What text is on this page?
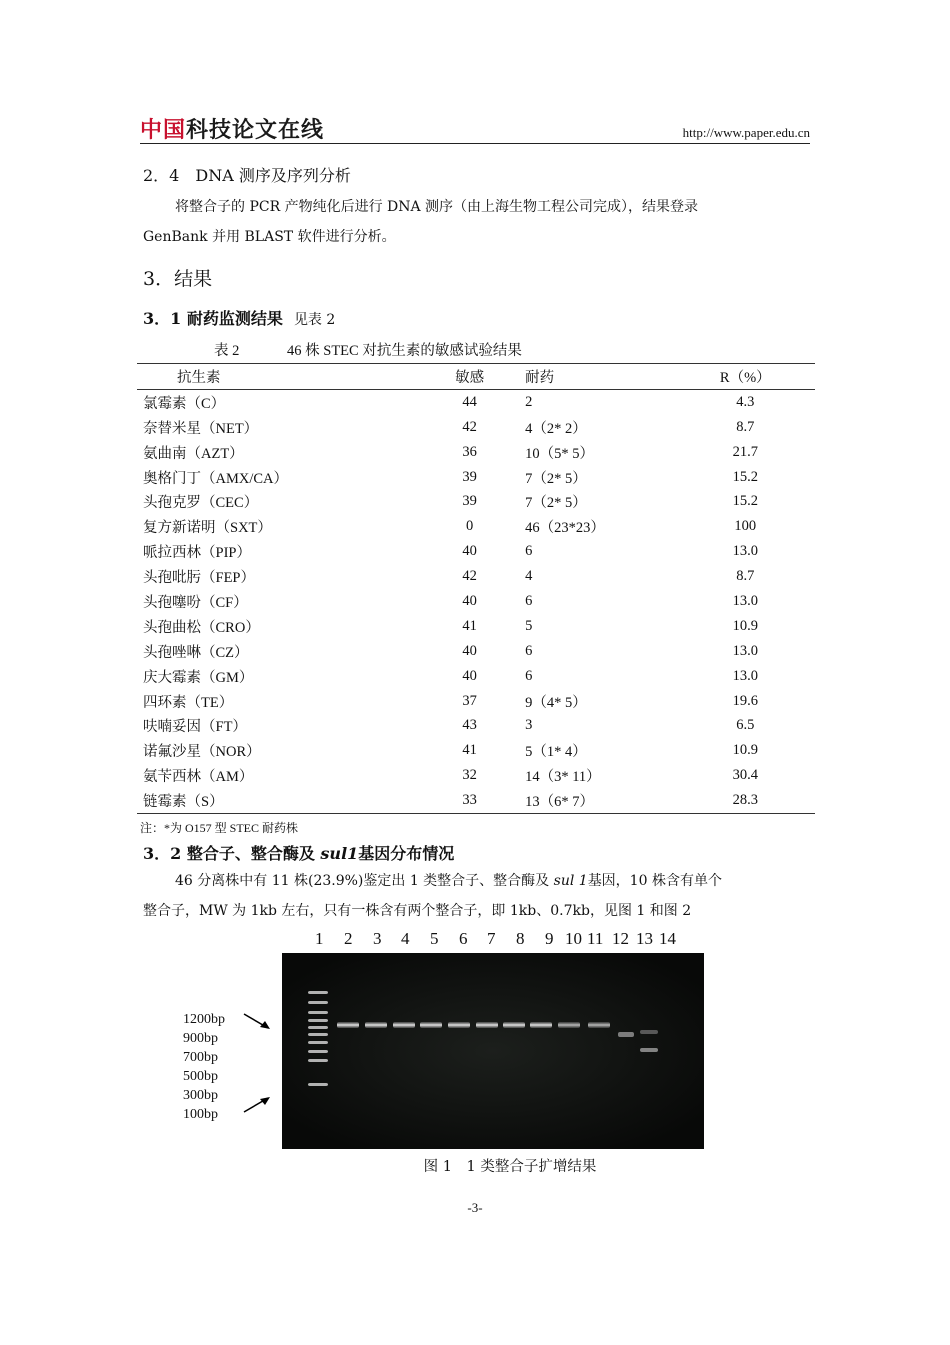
中国科技论文在线	http://www.paper.edu.cn
2．4　DNA 测序及序列分析
将整合子的 PCR 产物纯化后进行 DNA 测序（由上海生物工程公司完成），结果登录
GenBank 并用 BLAST 软件进行分析。
3．结果
3．1 耐药监测结果 见表 2
表 2	46 株 STEC 对抗生素的敏感试验结果
抗生素	敏感	耐药	R（%）
氯霉素（C）	44	2	4.3
奈替米星（NET）	42	4（2* 2）	8.7
氨曲南（AZT）	36	10（5* 5）	21.7
奥格门丁（AMX/CA）	39	7（2* 5）	15.2
头孢克罗（CEC）	39	7（2* 5）	15.2
复方新诺明（SXT）	0	46（23*23）	100
哌拉西林（PIP）	40	6	13.0
头孢吡肟（FEP）	42	4	8.7
头孢噻吩（CF）	40	6	13.0
头孢曲松（CRO）	41	5	10.9
头孢唑啉（CZ）	40	6	13.0
庆大霉素（GM）	40	6	13.0
四环素（TE）	37	9（4* 5）	19.6
呋喃妥因（FT）	43	3	6.5
诺氟沙星（NOR）	41	5（1* 4）	10.9
氨苄西林（AM）	32	14（3* 11）	30.4
链霉素（S）	33	13（6* 7）	28.3
注：*为 O157 型 STEC 耐药株
3．2 整合子、整合酶及 sul1基因分布情况
46 分离株中有 11 株(23.9%)鉴定出 1 类整合子、整合酶及 sul 1基因，10 株含有单个
整合子，MW 为 1kb 左右，只有一株含有两个整合子，即 1kb、0.7kb，见图 1 和图 2
1 2 3 4 5 6 7 8 9 10 11 12 13 14
1200bp
900bp
700bp
500bp
300bp
100bp
图 1　1 类整合子扩增结果
-3-
